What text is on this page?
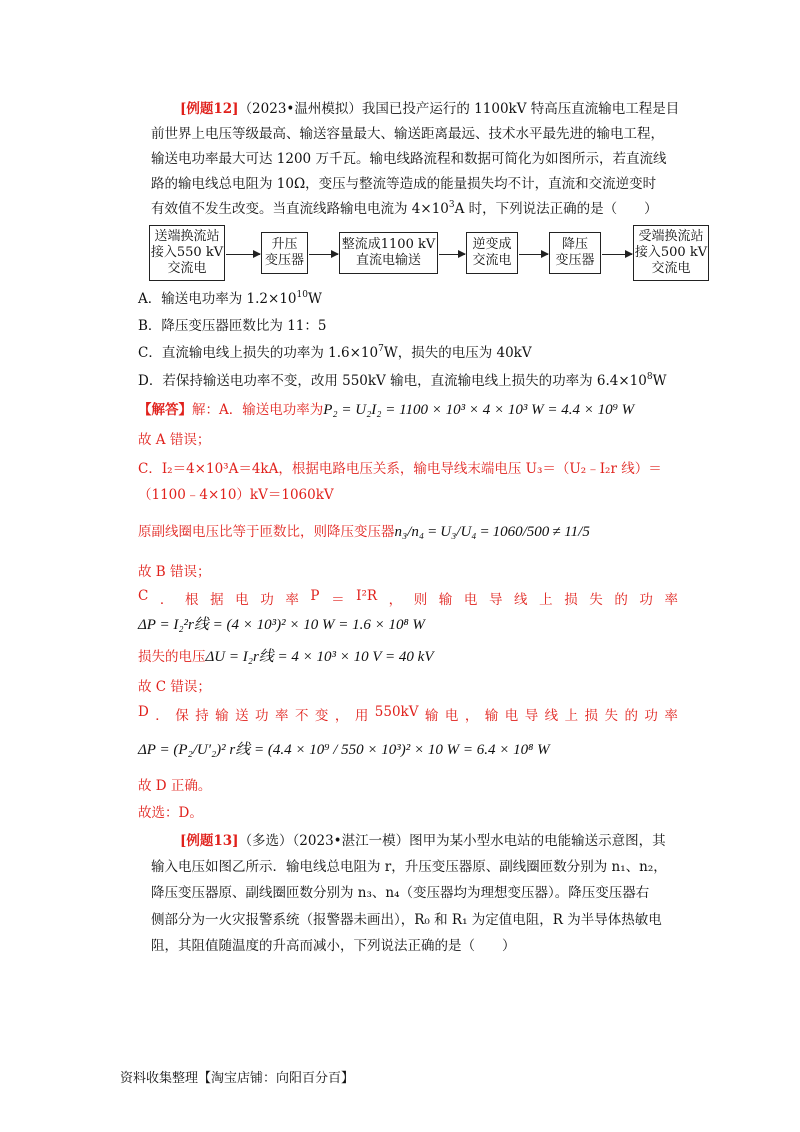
[例题12]（2023•温州模拟）我国已投产运行的 1100kV 特高压直流输电工程是目
前世界上电压等级最高、输送容量最大、输送距离最远、技术水平最先进的输电工程，
输送电功率最大可达 1200 万千瓦。输电线路流程和数据可简化为如图所示，若直流线
路的输电线总电阻为 10Ω，变压与整流等造成的能量损失均不计，直流和交流逆变时
有效值不发生改变。当直流线路输电电流为 $4\times 10^3A$ 时，下列说法正确的是（　　）
送端换流站
接入550 kV
交流电
升压
变压器
整流成1100 kV
直流电输送
逆变成
交流电
降压
变压器
受端换流站
接入500 kV
交流电
A．输送电功率为 $1.2\times 10^{10}W$
B．降压变压器匝数比为 11：5
C．直流输电线上损失的功率为 $1.6\times 10^7W$，损失的电压为 40kV
D．若保持输送电功率不变，改用 550kV 输电，直流输电线上损失的功率为 $6.4\times 10^8W$
【解答】解：A．输送电功率为P₂ = U₂I₂ = 1100 × 10³ × 4 × 10³ W = 4.4 × 10⁹ W
故 A 错误；
C．I₂＝4×10³A＝4kA，根据电路电压关系，输电导线末端电压 U₃＝（U₂﹣I₂r 线）＝
（1100﹣4×10）kV＝1060kV
原副线圈电压比等于匝数比，则降压变压器 n₃/n₄ = U₃/U₄ = 1060/500 ≠ 11/5
故 B 错误；
C ． 根 据 电 功 率 P ＝ I²R ， 则 输 电 导 线 上 损 失 的 功 率
ΔP = I₂²r线 = (4 × 10³)² × 10 W = 1.6 × 10⁸ W
损失的电压ΔU = I₂r线 = 4 × 10³ × 10 V = 40 kV
故 C 错误；
D ． 保 持 输 送 功 率 不 变 ， 用 550kV 输 电 ， 输 电 导 线 上 损 失 的 功 率
ΔP = (P₂/U′₂)² r线 = (4.4 × 10⁹ / 550 × 10³)² × 10 W = 6.4 × 10⁸ W
故 D 正确。
故选：D。
[例题13]（多选）（2023•湛江一模）图甲为某小型水电站的电能输送示意图，其
输入电压如图乙所示．输电线总电阻为 r，升压变压器原、副线圈匝数分别为 n₁、n₂，
降压变压器原、副线圈匝数分别为 n₃、n₄（变压器均为理想变压器）。降压变压器右
侧部分为一火灾报警系统（报警器未画出），R₀ 和 R₁ 为定值电阻，R 为半导体热敏电
阻，其阻值随温度的升高而减小，下列说法正确的是（　　）
资料收集整理【淘宝店铺：向阳百分百】
